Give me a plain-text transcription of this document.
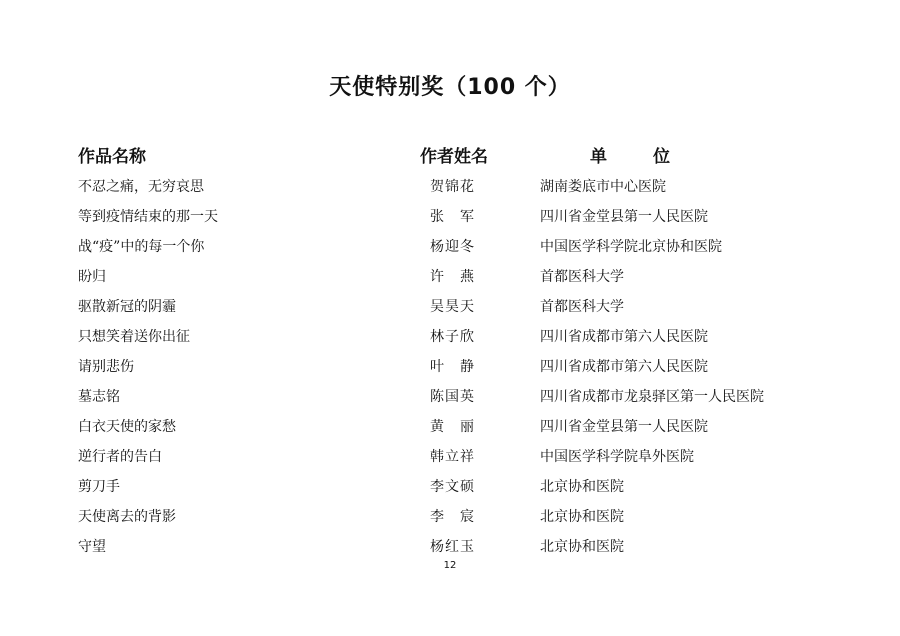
天使特别奖（100 个）
作品名称	作者姓名	单位
不忍之痛，无穷哀思	贺锦花	湖南娄底市中心医院
等到疫情结束的那一天	张　军	四川省金堂县第一人民医院
战“疫”中的每一个你	杨迎冬	中国医学科学院北京协和医院
盼归	许　燕	首都医科大学
驱散新冠的阴霾	吴昊天	首都医科大学
只想笑着送你出征	林子欣	四川省成都市第六人民医院
请别悲伤	叶　静	四川省成都市第六人民医院
墓志铭	陈国英	四川省成都市龙泉驿区第一人民医院
白衣天使的家愁	黄　丽	四川省金堂县第一人民医院
逆行者的告白	韩立祥	中国医学科学院阜外医院
剪刀手	李文硕	北京协和医院
天使离去的背影	李　宸	北京协和医院
守望	杨红玉	北京协和医院
12
